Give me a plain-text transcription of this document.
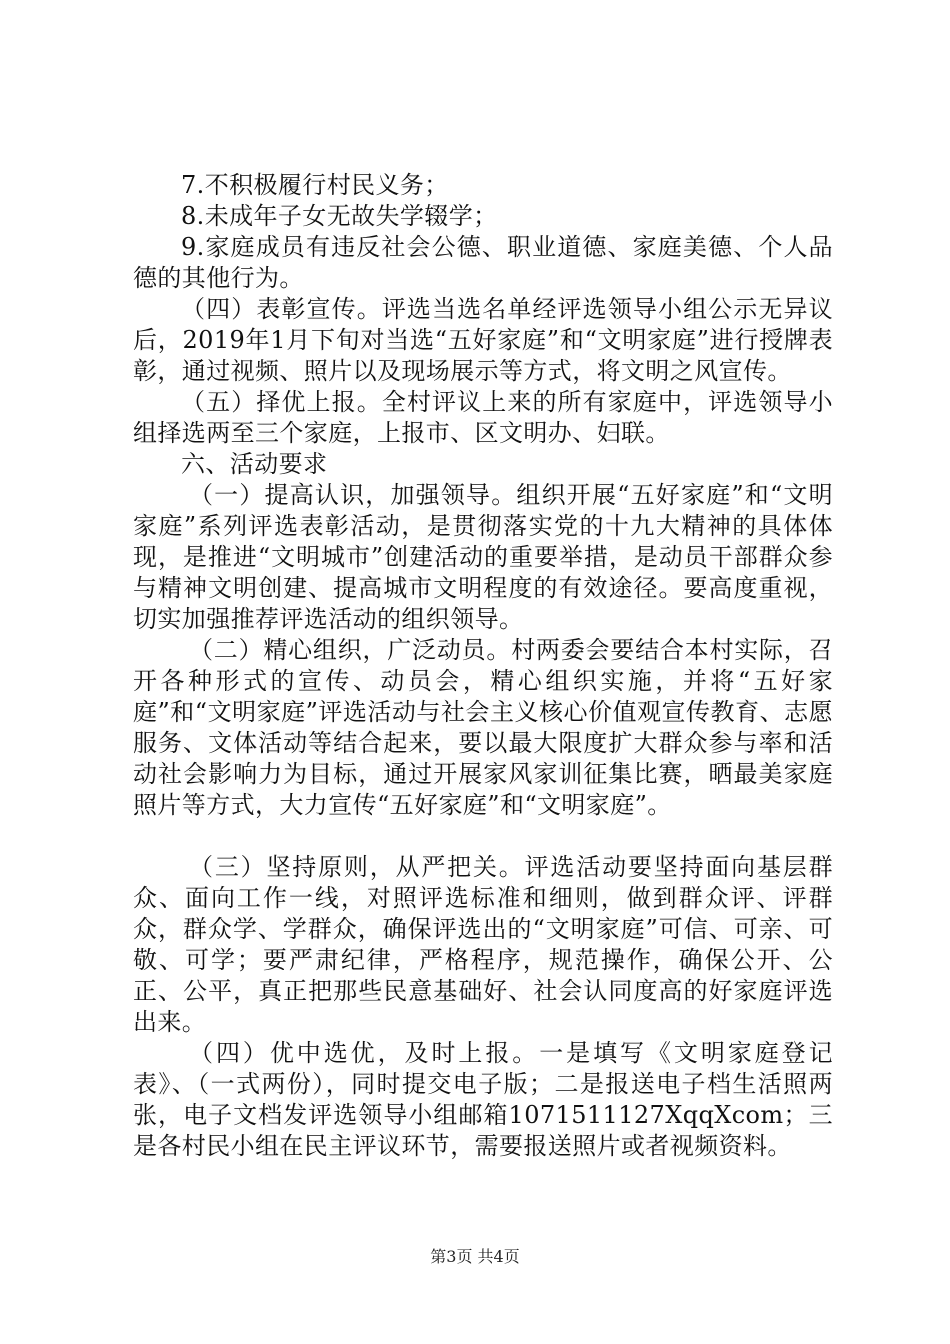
7.不积极履行村民义务；

8.未成年子女无故失学辍学；

9.家庭成员有违反社会公德、职业道德、家庭美德、个人品德的其他行为。

（四）表彰宣传。评选当选名单经评选领导小组公示无异议后，2019年1月下旬对当选“五好家庭”和“文明家庭”进行授牌表彰，通过视频、照片以及现场展示等方式，将文明之风宣传。

（五）择优上报。全村评议上来的所有家庭中，评选领导小组择选两至三个家庭，上报市、区文明办、妇联。

六、活动要求

（一）提高认识，加强领导。组织开展“五好家庭”和“文明家庭”系列评选表彰活动，是贯彻落实党的十九大精神的具体体现，是推进“文明城市”创建活动的重要举措，是动员干部群众参与精神文明创建、提高城市文明程度的有效途径。要高度重视，切实加强推荐评选活动的组织领导。

（二）精心组织，广泛动员。村两委会要结合本村实际，召开各种形式的宣传、动员会，精心组织实施，并将“五好家庭”和“文明家庭”评选活动与社会主义核心价值观宣传教育、志愿服务、文体活动等结合起来，要以最大限度扩大群众参与率和活动社会影响力为目标，通过开展家风家训征集比赛，晒最美家庭照片等方式，大力宣传“五好家庭”和“文明家庭”。

（三）坚持原则，从严把关。评选活动要坚持面向基层群众、面向工作一线，对照评选标准和细则，做到群众评、评群众，群众学、学群众，确保评选出的“文明家庭”可信、可亲、可敬、可学；要严肃纪律，严格程序，规范操作，确保公开、公正、公平，真正把那些民意基础好、社会认同度高的好家庭评选出来。

（四）优中选优，及时上报。一是填写《文明家庭登记表》、（一式两份），同时提交电子版；二是报送电子档生活照两张，电子文档发评选领导小组邮箱1071511127XqqXcom；三是各村民小组在民主评议环节，需要报送照片或者视频资料。

第3页 共4页
